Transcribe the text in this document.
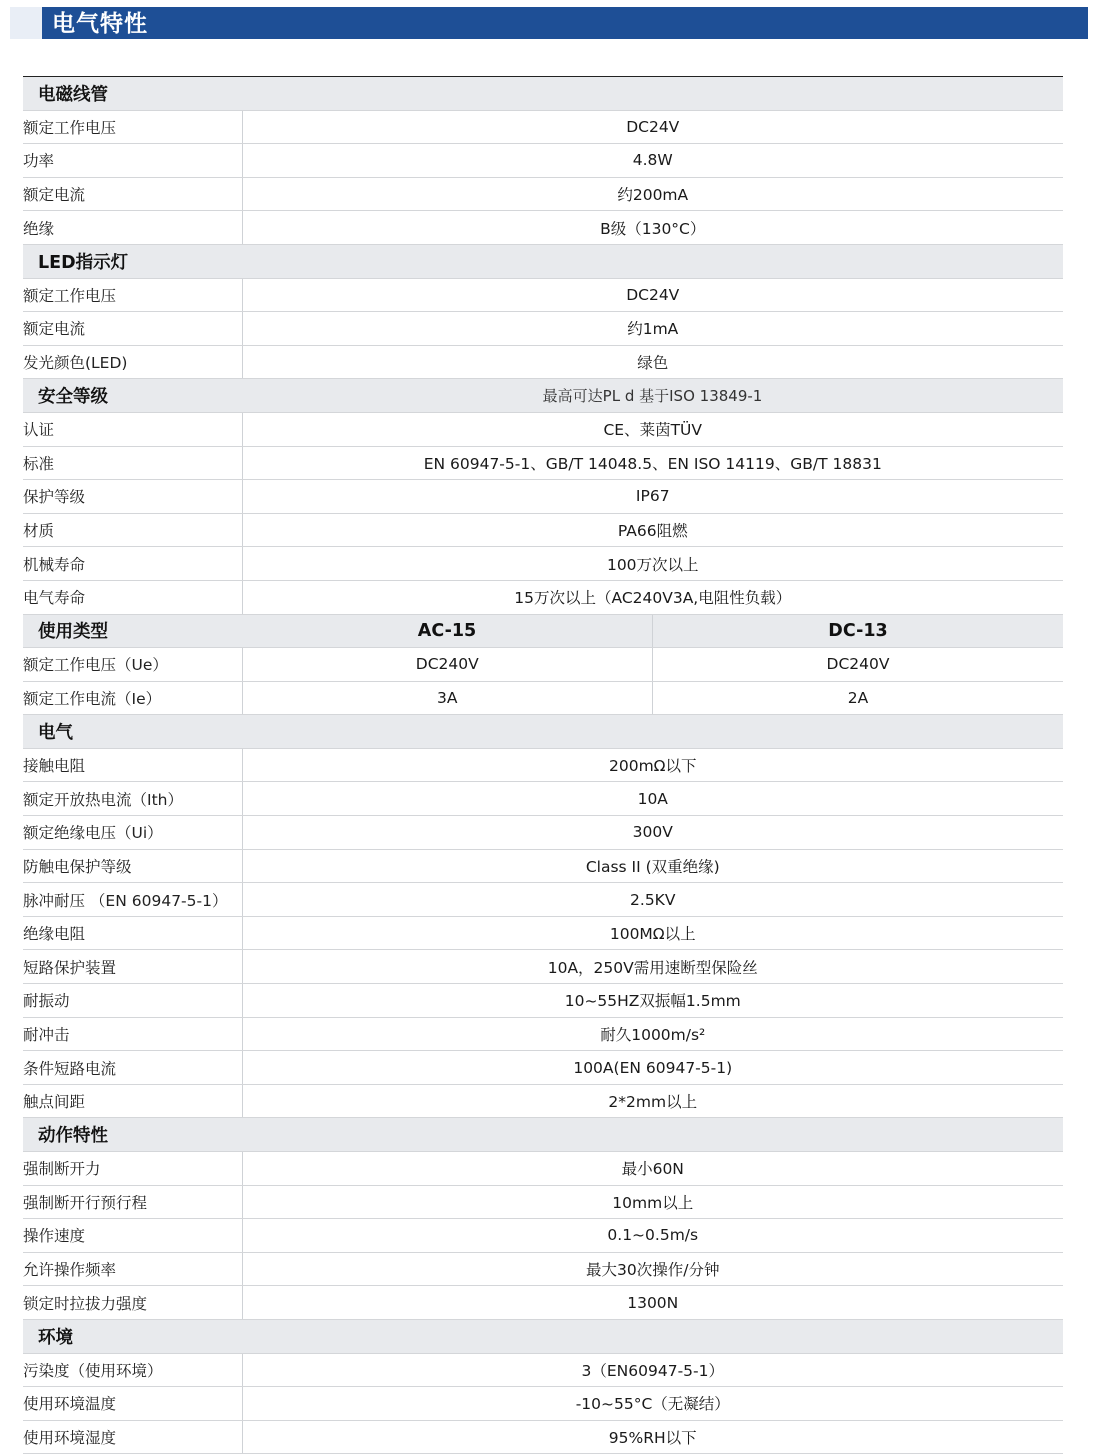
电气特性
电磁线管		
额定工作电压	DC24V	
功率	4.8W	
额定电流	约200mA	
绝缘	B级（130°C）	
LED指示灯		
额定工作电压	DC24V	
额定电流	约1mA	
发光颜色(LED)	绿色	
安全等级	最高可达PL d 基于ISO 13849-1	
认证	CE、莱茵TÜV	
标准	EN 60947-5-1、GB/T 14048.5、EN ISO 14119、GB/T 18831	
保护等级	IP67	
材质	PA66阻燃	
机械寿命	100万次以上	
电气寿命	15万次以上（AC240V3A,电阻性负载）	
使用类型	AC-15	DC-13
额定工作电压（Ue）	DC240V	DC240V
额定工作电流（Ie）	3A	2A
电气		
接触电阻	200mΩ以下	
额定开放热电流（Ith）	10A	
额定绝缘电压（Ui）	300V	
防触电保护等级	Class II (双重绝缘)	
脉冲耐压 （EN 60947-5-1）	2.5KV	
绝缘电阻	100MΩ以上	
短路保护装置	10A，250V需用速断型保险丝	
耐振动	10~55HZ双振幅1.5mm	
耐冲击	耐久1000m/s²	
条件短路电流	100A(EN 60947-5-1)	
触点间距	2*2mm以上	
动作特性		
强制断开力	最小60N	
强制断开行预行程	10mm以上	
操作速度	0.1~0.5m/s	
允许操作频率	最大30次操作/分钟	
锁定时拉拔力强度	1300N	
环境		
污染度（使用环境）	3（EN60947-5-1）	
使用环境温度	-10~55°C（无凝结）	
使用环境湿度	95%RH以下	
